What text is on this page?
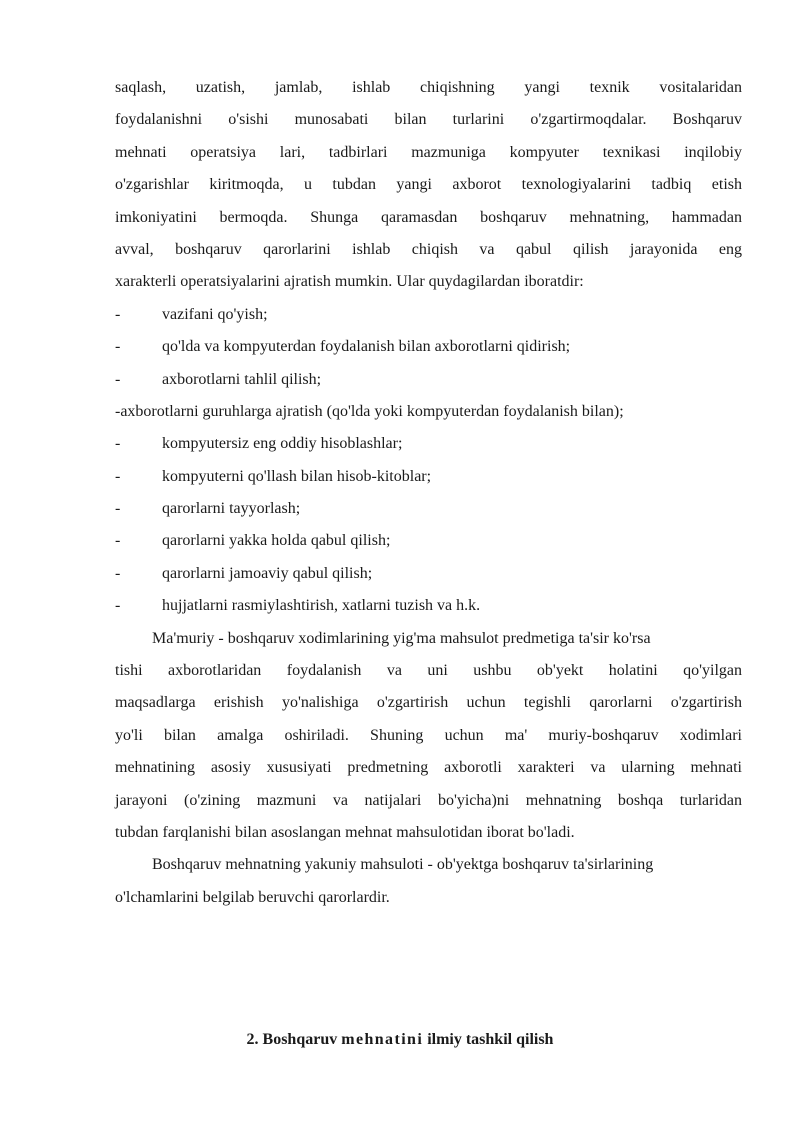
saqlash, uzatish, jamlab, ishlab chiqishning yangi texnik vositalaridan
foydalanishni o'sishi munosabati bilan turlarini o'zgartirmoqdalar. Boshqaruv
mehnati operatsiya lari, tadbirlari mazmuniga kompyuter texnikasi inqilobiy
o'zgarishlar kiritmoqda, u tubdan yangi axborot texnologiyalarini tadbiq etish
imkoniyatini bermoqda. Shunga qaramasdan boshqaruv mehnatning, hammadan
avval, boshqaruv qarorlarini ishlab chiqish va qabul qilish jarayonida eng
xarakterli operatsiyalarini ajratish mumkin. Ular quydagilardan iboratdir:
-	vazifani qo'yish;
-	qo'lda va kompyuterdan foydalanish bilan axborotlarni qidirish;
-	axborotlarni tahlil qilish;
-axborotlarni guruhlarga ajratish (qo'lda yoki kompyuterdan foydalanish bilan);
-	kompyutersiz eng oddiy hisoblashlar;
-	kompyuterni qo'llash bilan hisob-kitoblar;
-	qarorlarni tayyorlash;
-	qarorlarni yakka holda qabul qilish;
-	qarorlarni jamoaviy qabul qilish;
-	hujjatlarni rasmiylashtirish, xatlarni tuzish va h.k.
Ma'muriy - boshqaruv xodimlarining yig'ma mahsulot predmetiga ta'sir ko'rsa
tishi axborotlaridan foydalanish va uni ushbu ob'yekt holatini qo'yilgan
maqsadlarga erishish yo'nalishiga o'zgartirish uchun tegishli qarorlarni o'zgartirish
yo'li bilan amalga oshiriladi. Shuning uchun ma' muriy-boshqaruv xodimlari
mehnatining asosiy xususiyati predmetning axborotli xarakteri va ularning mehnati
jarayoni (o'zining mazmuni va natijalari bo'yicha)ni mehnatning boshqa turlaridan
tubdan farqlanishi bilan asoslangan mehnat mahsulotidan iborat bo'ladi.
Boshqaruv mehnatning yakuniy mahsuloti - ob'yektga boshqaruv ta'sirlarining
o'lchamlarini belgilab beruvchi qarorlardir.
2. Boshqaruv mehnatini ilmiy tashkil qilish
